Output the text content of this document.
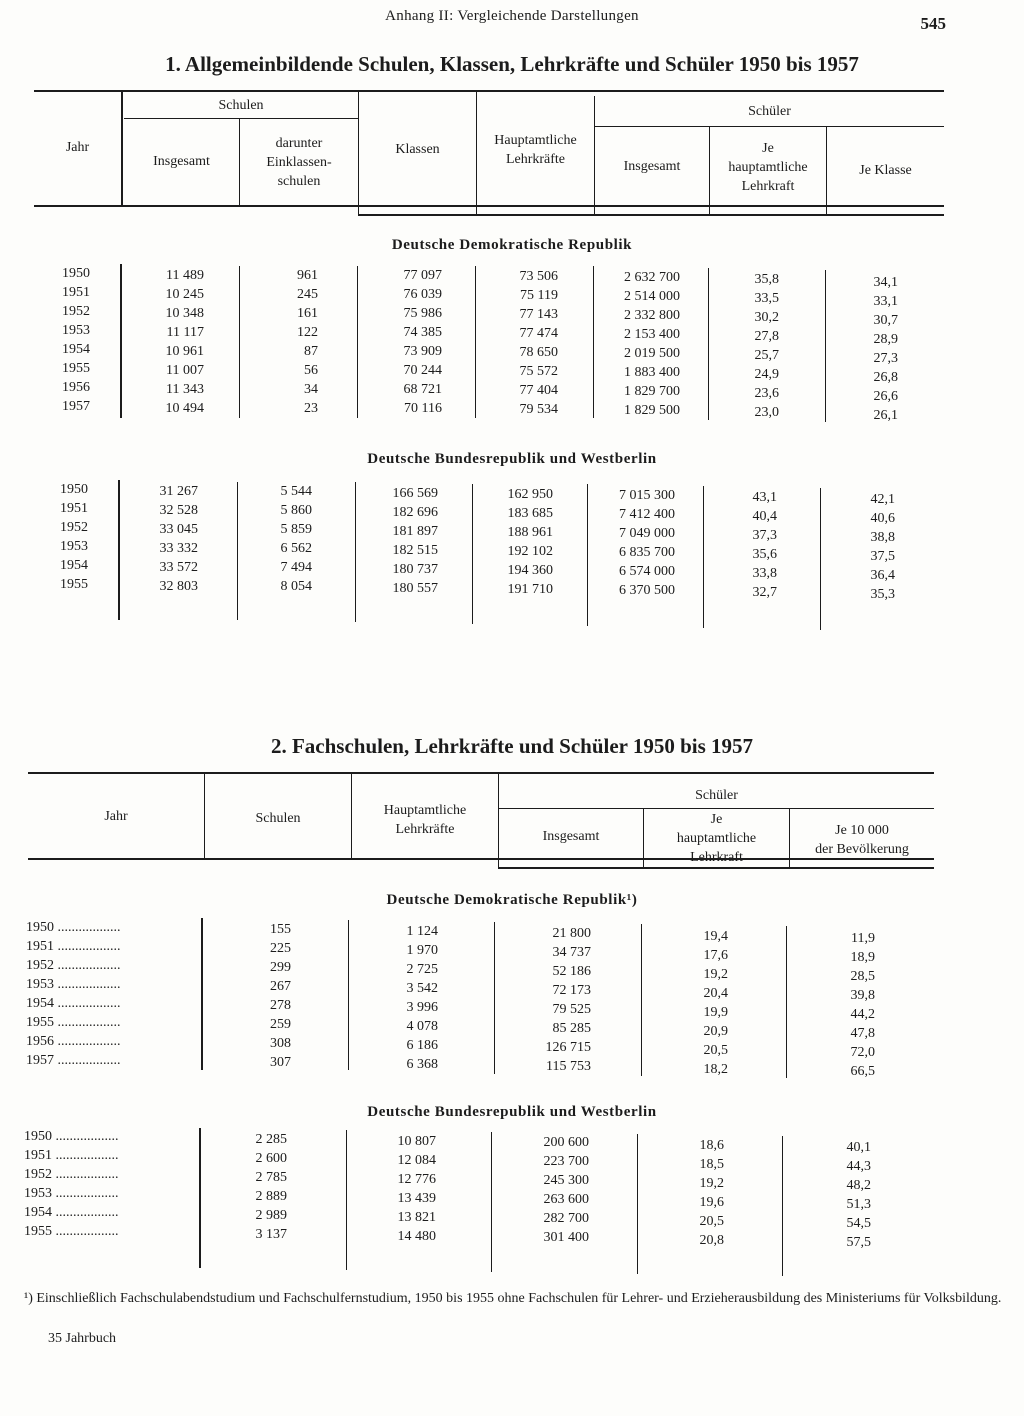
Anhang II: Vergleichende Darstellungen	545
1. Allgemeinbildende Schulen, Klassen, Lehrkräfte und Schüler 1950 bis 1957
Jahr
Schulen
Insgesamt
darunter
Einklassen-
schulen
Klassen
Hauptamtliche
Lehrkräfte
Schüler
Insgesamt
Je
hauptamtliche
Lehrkraft
Je Klasse
Deutsche Demokratische Republik
1950
1951
1952
1953
1954
1955
1956
1957
11 489
10 245
10 348
11 117
10 961
11 007
11 343
10 494
961
245
161
122
87
56
34
23
77 097
76 039
75 986
74 385
73 909
70 244
68 721
70 116
73 506
75 119
77 143
77 474
78 650
75 572
77 404
79 534
2 632 700
2 514 000
2 332 800
2 153 400
2 019 500
1 883 400
1 829 700
1 829 500
35,8
33,5
30,2
27,8
25,7
24,9
23,6
23,0
34,1
33,1
30,7
28,9
27,3
26,8
26,6
26,1
Deutsche Bundesrepublik und Westberlin
1950
1951
1952
1953
1954
1955
31 267
32 528
33 045
33 332
33 572
32 803
5 544
5 860
5 859
6 562
7 494
8 054
166 569
182 696
181 897
182 515
180 737
180 557
162 950
183 685
188 961
192 102
194 360
191 710
7 015 300
7 412 400
7 049 000
6 835 700
6 574 000
6 370 500
43,1
40,4
37,3
35,6
33,8
32,7
42,1
40,6
38,8
37,5
36,4
35,3
2. Fachschulen, Lehrkräfte und Schüler 1950 bis 1957
Jahr	Schulen
Hauptamtliche
Lehrkräfte
Schüler
Insgesamt
Je
hauptamtliche
Lehrkraft
Je 10 000
der Bevölkerung
Deutsche Demokratische Republik¹)
1950 ..................
1951 ..................
1952 ..................
1953 ..................
1954 ..................
1955 ..................
1956 ..................
1957 ..................
155
225
299
267
278
259
308
307
1 124
1 970
2 725
3 542
3 996
4 078
6 186
6 368
21 800
34 737
52 186
72 173
79 525
85 285
126 715
115 753
19,4
17,6
19,2
20,4
19,9
20,9
20,5
18,2
11,9
18,9
28,5
39,8
44,2
47,8
72,0
66,5
Deutsche Bundesrepublik und Westberlin
1950 ..................
1951 ..................
1952 ..................
1953 ..................
1954 ..................
1955 ..................
2 285
2 600
2 785
2 889
2 989
3 137
10 807
12 084
12 776
13 439
13 821
14 480
200 600
223 700
245 300
263 600
282 700
301 400
18,6
18,5
19,2
19,6
20,5
20,8
40,1
44,3
48,2
51,3
54,5
57,5
¹) Einschließlich Fachschulabendstudium und Fachschulfernstudium, 1950 bis 1955 ohne Fachschulen für Lehrer- und Erzieherausbildung des Ministeriums für Volksbildung.
35 Jahrbuch
